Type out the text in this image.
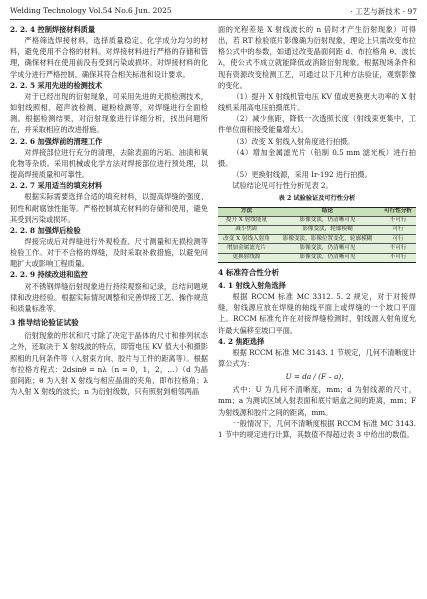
Welding Technology Vol.54 No.6 Jun. 2025	· 工艺与新技术 · 97

2. 2. 4 控制焊接材料质量

严格筛选焊接材料，选择质量稳定、化学成分均匀的材料，避免使用不合格的材料。对焊接材料进行严格的存储和管理，确保材料在使用前没有受到污染或损坏。对焊接材料的化学成分进行严格控制，确保其符合相关标准和设计要求。

2. 2. 5 采用先进的检测技术

对于已经出现的衍射现象，可采用先进的无损检测技术，如射线照相、超声波检测、磁粉检测等，对焊缝进行全面检测。根据检测结果，对衍射现象进行详细分析，找出问题所在，并采取相应的改进措施。

2. 2. 6 加强焊前的清理工作

对焊接部位进行充分的清理，去除表面的污垢、油渍和氧化物等杂质。采用机械或化学方法对焊接部位进行预处理，以提高焊接质量和可靠性。

2. 2. 7 采用适当的填充材料

根据实际需要选择合适的填充材料，以提高焊缝的强度、韧性和耐腐蚀性能等。严格控制填充材料的存储和使用，避免其受到污染或损坏。

2. 2. 8 加强焊后检验

焊接完成后对焊缝进行外观检查、尺寸测量和无损检测等检验工作。对于不合格的焊缝，及时采取补救措施，以避免问题扩大或影响工程质量。

2. 2. 9 持续改进和监控

对不锈钢焊缝衍射现象进行持续观察和记录，总结问题规律和改进经验。根据实际情况调整和完善焊接工艺、操作规范和质量标准等。

3 推导结论验证试验

衍射现象的形状和尺寸除了决定于晶体的尺寸和排列状态之外，还取决于 X 射线波的特点，即管电压 KV 值大小和摄影照相的几何条件等（入射束方向、胶片与工件的距离等）。根据布拉格方程式：2dsinθ = nλ（n = 0，1，2，…）（d 为晶面间距；θ 为入射 X 射线与相应晶面的夹角，即布拉格角；λ 为入射 X 射线的波长；n 为衍射级数，只有照射到相邻两晶

面的光程差是 X 射线波长的 n 倍时才产生衍射现象）可得出，若 RT 检验底片影像确为衍射现象，理论上只需改变布拉格公式中的参数，如通过改变晶面间距 d、布拉格角 θ、波长 λ，使公式不成立就能降低或消除衍射现象。根据现场条件和现有资源改变检测工艺，可通过以下几种方法验证，观察影像的变化。

（1）提升 X 射线机管电压 KV 值或更换更大功率的 X 射线机采用高电压拍摄底片。

（2）减少焦距，降低一次透照长度（射线束更集中，工件单位面积接受能量增大）。

（3）改变 X 射线入射角度进行拍摄。

（4）增加金属滤光片（铅制 0.5 mm 滤光板）进行拍摄。

（5）更换射线源，采用 Ir-192 进行拍摄。

试验结论见可行性分析见表 2。

表 2 试验验证及可行性分析

方法	结论	可行性分析
提升 X 射线能量	影像变淡，仍清晰可见	不可行
减小焦距	影像变淡，轮廓模糊	可行
改变 X 射线入射角	影像变淡，影像位置变化，轮廓模糊	可行
增加金属滤光片	影像变淡，仍清晰可见	不可行
更换射线源	影像变淡，仍清晰可见	不可行

4 标准符合性分析

4. 1 射线入射角选择

根据 RCCM 标准 MC 3312. 5. 2 规定，对于对接焊缝，射线源应放在焊缝的轴线平面上或焊缝的一个坡口平面上。RCCM 标准允许在对接焊缝检测时，射线源入射角度允许最大偏移至坡口平面。

4. 2 焦距选择

根据 RCCM 标准 MC 3143. 1 节规定，几何不清晰度计算公式为：

U = da / (F – a)，

式中：U 为几何不清晰度，mm；d 为射线源的尺寸，mm；a 为测试区域入射表面和底片暗盒之间的距离，mm；F 为射线源和胶片之间的距离，mm。

一般情况下，几何不清晰度根据 RCCM 标准 MC 3143. 1 节中的规定进行计算，其数值不得超过表 3 中给出的数值。
